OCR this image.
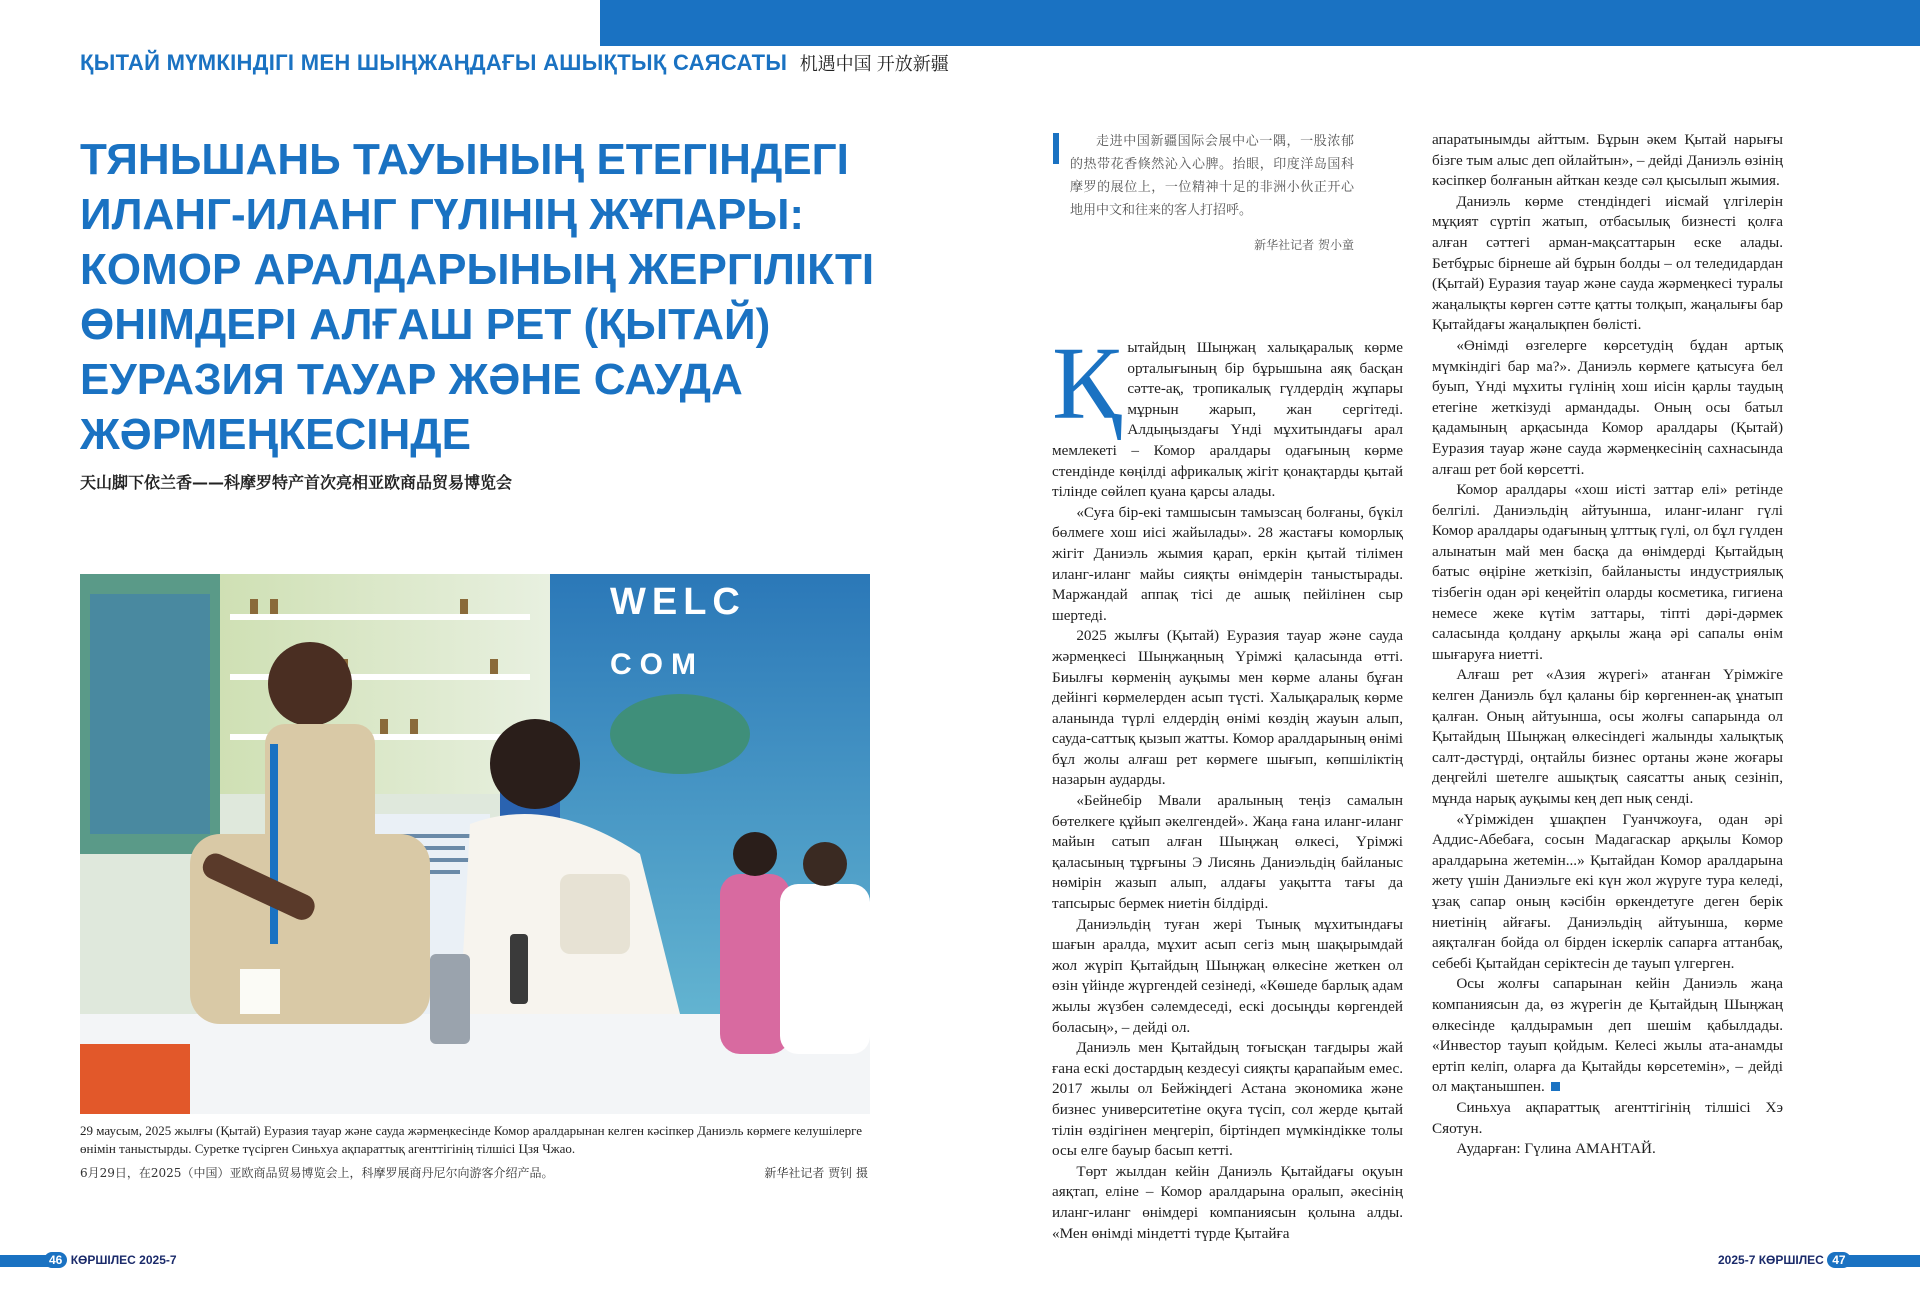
ҚЫТАЙ МҮМКІНДІГІ МЕН ШЫҢЖАҢДАҒЫ АШЫҚТЫҚ САЯСАТЫ 机遇中国 开放新疆
ТЯНЬШАНЬ ТАУЫНЫҢ ЕТЕГІНДЕГІ ИЛАНГ-ИЛАНГ ГҮЛІНІҢ ЖҰПАРЫ: КОМОР АРАЛДАРЫНЫҢ ЖЕРГІЛІКТІ ӨНІМДЕРІ АЛҒАШ РЕТ (ҚЫТАЙ) ЕУРАЗИЯ ТАУАР ЖӘНЕ САУДА ЖӘРМЕҢКЕСІНДЕ

天山脚下依兰香——科摩罗特产首次亮相亚欧商品贸易博览会

WELC
COM

29 маусым, 2025 жылғы (Қытай) Еуразия тауар және сауда жәрмеңкесінде Комор аралдарынан келген кәсіпкер Даниэль көрмеге келушілерге өнімін таныстырды. Суретке түсірген Синьхуа ақпараттық агенттігінің тілшісі Цзя Чжао.

6月29日，在2025（中国）亚欧商品贸易博览会上，科摩罗展商丹尼尔向游客介绍产品。	新华社记者 贾钊 摄

走进中国新疆国际会展中心一隅，一股浓郁的热带花香倏然沁入心脾。抬眼，印度洋岛国科摩罗的展位上，一位精神十足的非洲小伙正开心地用中文和往来的客人打招呼。

新华社记者 贺小童

Қытайдың Шыңжаң халықаралық көрме орталығының бір бұрышына аяқ басқан сәтте-ақ, тропикалық гүлдердің жұпары мұрнын жарып, жан сергітеді. Алдыңыздағы Үнді мұхитындағы арал мемлекеті – Комор аралдары одағының көрме стендінде көңілді африкалық жігіт қонақтарды қытай тілінде сөйлеп қуана қарсы алады.

«Суға бір-екі тамшысын тамызсаң болғаны, бүкіл бөлмеге хош иісі жайылады». 28 жастағы коморлық жігіт Даниэль жымия қарап, еркін қытай тілімен иланг-иланг майы сияқты өнімдерін таныстырады. Маржандай аппақ тісі де ашық пейілінен сыр шертеді.

2025 жылғы (Қытай) Еуразия тауар және сауда жәрмеңкесі Шыңжаңның Үрімжі қаласында өтті. Биылғы көрменің ауқымы мен көрме аланы бұған дейінгі көрмелерден асып түсті. Халықаралық көрме аланында түрлі елдердің өнімі көздің жауын алып, сауда-саттық қызып жатты. Комор аралдарының өнімі бұл жолы алғаш рет көрмеге шығып, көпшіліктің назарын аударды.

«Бейнебір Мвали аралының теңіз самалын бөтелкеге құйып әкелгендей». Жаңа ғана иланг-иланг майын сатып алған Шыңжаң өлкесі, Үрімжі қаласының тұрғыны Э Лисянь Даниэльдің байланыс нөмірін жазып алып, алдағы уақытта тағы да тапсырыс бермек ниетін білдірді.

Даниэльдің туған жері Тынық мұхитындағы шағын аралда, мұхит асып сегіз мың шақырымдай жол жүріп Қытайдың Шыңжаң өлкесіне жеткен ол өзін үйінде жүргендей сезінеді, «Көшеде барлық адам жылы жүзбен сәлемдеседі, ескі досыңды көргендей боласың», – дейді ол.

Даниэль мен Қытайдың тоғысқан тағдыры жай ғана ескі достардың кездесуі сияқты қарапайым емес. 2017 жылы ол Бейжіңдегі Астана экономика және бизнес университетіне оқуға түсіп, сол жерде қытай тілін өздігінен меңгеріп, біртіндеп мүмкіндікке толы осы елге бауыр басып кетті.

Төрт жылдан кейін Даниэль Қытайдағы оқуын аяқтап, еліне – Комор аралдарына оралып, әкесінің иланг-иланг өнімдері компаниясын қолына алды. «Мен өнімді міндетті түрде Қытайға

апаратынымды айттым. Бұрын әкем Қытай нарығы бізге тым алыс деп ойлайтын», – дейді Даниэль өзінің кәсіпкер болғанын айткан кезде сәл қысылып жымия.

Даниэль көрме стендіндегі иісмай үлгілерін мұқият сүртіп жатып, отбасылық бизнесті қолға алған сәттегі арман-мақсаттарын еске алады. Бетбұрыс бірнеше ай бұрын болды – ол теледидардан (Қытай) Еуразия тауар және сауда жәрмеңкесі туралы жаңалықты көрген сәтте қатты толқып, жаңалығы бар Қытайдағы жаңалықпен бөлісті.

«Өнімді өзгелерге көрсетудің бұдан артық мүмкіндігі бар ма?». Даниэль көрмеге қатысуға бел буып, Үнді мұхиты гүлінің хош иісін қарлы таудың етегіне жеткізуді армандады. Оның осы батыл қадамының арқасында Комор аралдары (Қытай) Еуразия тауар және сауда жәрмеңкесінің сахнасында алғаш рет бой көрсетті.

Комор аралдары «хош иісті заттар елі» ретінде белгілі. Даниэльдің айтуынша, иланг-иланг гүлі Комор аралдары одағының ұлттық гүлі, ол бұл гүлден алынатын май мен басқа да өнімдерді Қытайдың батыс өңіріне жеткізіп, байланысты индустриялық тізбегін одан әрі кеңейтіп оларды косметика, гигиена немесе жеке күтім заттары, тіпті дәрі-дәрмек саласында қолдану арқылы жаңа әрі сапалы өнім шығаруға ниетті.

Алғаш рет «Азия жүрегі» атанған Үрімжіге келген Даниэль бұл қаланы бір көргеннен-ақ ұнатып қалған. Оның айтуынша, осы жолғы сапарында ол Қытайдың Шыңжаң өлкесіндегі жалынды халықтық салт-дәстүрді, оңтайлы бизнес ортаны және жоғары деңгейлі шетелге ашықтық саясатты анық сезініп, мұнда нарық ауқымы кең деп нық сенді.

«Үрімжіден ұшақпен Гуанчжоуға, одан әрі Аддис-Абебаға, сосын Мадагаскар арқылы Комор аралдарына жетемін...» Қытайдан Комор аралдарына жету үшін Даниэльге екі күн жол жүруге тура келеді, ұзақ сапар оның кәсібін өркендетуге деген берік ниетінің айғағы. Даниэльдің айтуынша, көрме аяқталған бойда ол бірден іскерлік сапарға аттанбақ, себебі Қытайдан серіктесін де тауып үлгерген.

Осы жолғы сапарынан кейін Даниэль жаңа компаниясын да, өз жүрегін де Қытайдың Шыңжаң өлкесінде қалдырамын деп шешім қабылдады. «Инвестор тауып қойдым. Келесі жылы ата-анамды ертіп келіп, оларға да Қытайды көрсетемін», – дейді ол мақтанышпен.

Синьхуа ақпараттық агенттігінің тілшісі Хэ Сяотун.

Аударған: Гүлина АМАНТАЙ.

46 КӨРШІЛЕС 2025-7	2025-7 КӨРШІЛЕС 47
